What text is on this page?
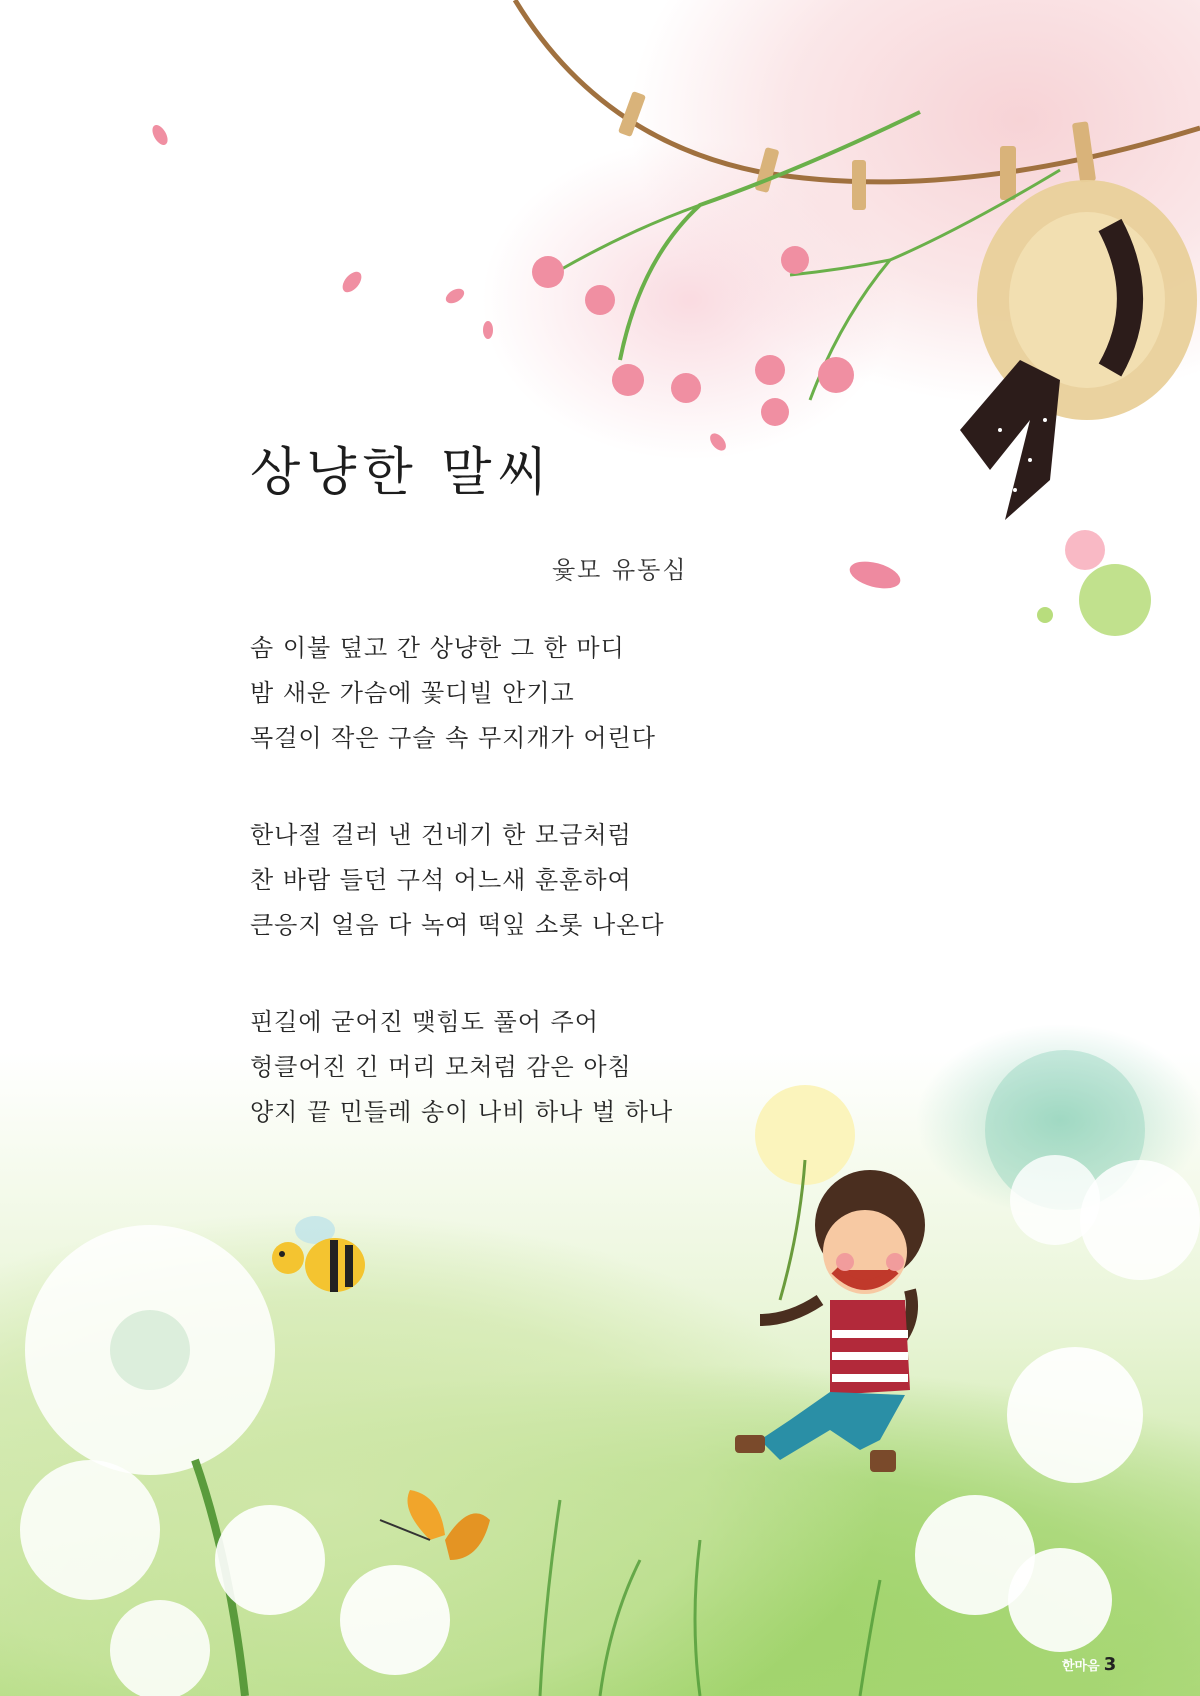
상냥한 말씨
윷모 유동심
솜 이불 덮고 간 상냥한 그 한 마디
밤 새운 가슴에 꽃디빌 안기고
목걸이 작은 구슬 속 무지개가 어린다
한나절 걸러 낸 건네기 한 모금처럼
찬 바람 들던 구석 어느새 훈훈하여
큰응지 얼음 다 녹여 떡잎 소롯 나온다
핀길에 굳어진 맺힘도 풀어 주어
헝클어진 긴 머리 모처럼 감은 아침
양지 끝 민들레 송이 나비 하나 벌 하나
한마음 3
